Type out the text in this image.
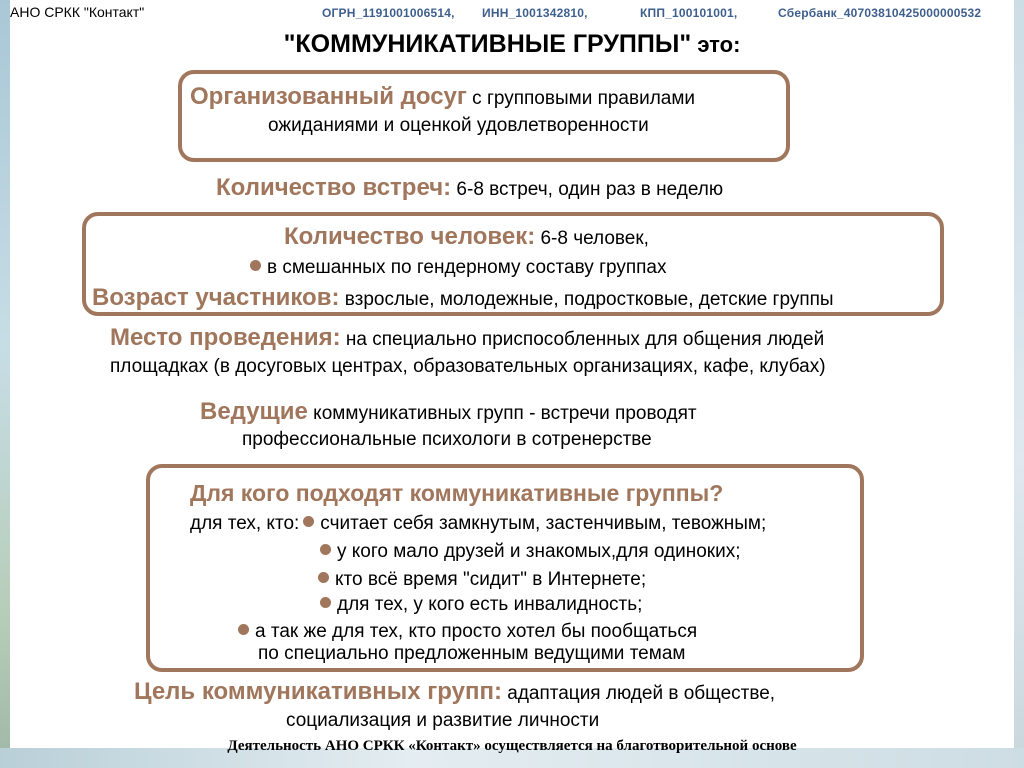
АНО СРКК "Контакт"	ОГРН_1191001006514, ИНН_1001342810,	КПП_100101001,	Сбербанк_40703810425000000532
"КОММУНИКАТИВНЫЕ ГРУППЫ" это:
Организованный досуг с групповыми правилами
ожиданиями и оценкой удовлетворенности
Количество встреч: 6-8 встреч, один раз в неделю
Количество человек: 6-8 человек,
в смешанных по гендерному составу группах
Возраст участников: взрослые, молодежные, подростковые, детские группы
Место проведения: на специально приспособленных для общения людей
площадках (в досуговых центрах, образовательных организациях, кафе, клубах)
Ведущие коммуникативных групп - встречи проводят
профессиональные психологи в сотренерстве
Для кого подходят коммуникативные группы?
для тех, кто: считает себя замкнутым, застенчивым, тевожным;
у кого мало друзей и знакомых,для одиноких;
кто всё время "сидит" в Интернете;
для тех, у кого есть инвалидность;
а так же для тех, кто просто хотел бы пообщаться
по специально предложенным ведущими темам
Цель коммуникативных групп: адаптация людей в обществе,
социализация и развитие личности
Деятельность АНО СРКК «Контакт» осуществляется на благотворительной основе
